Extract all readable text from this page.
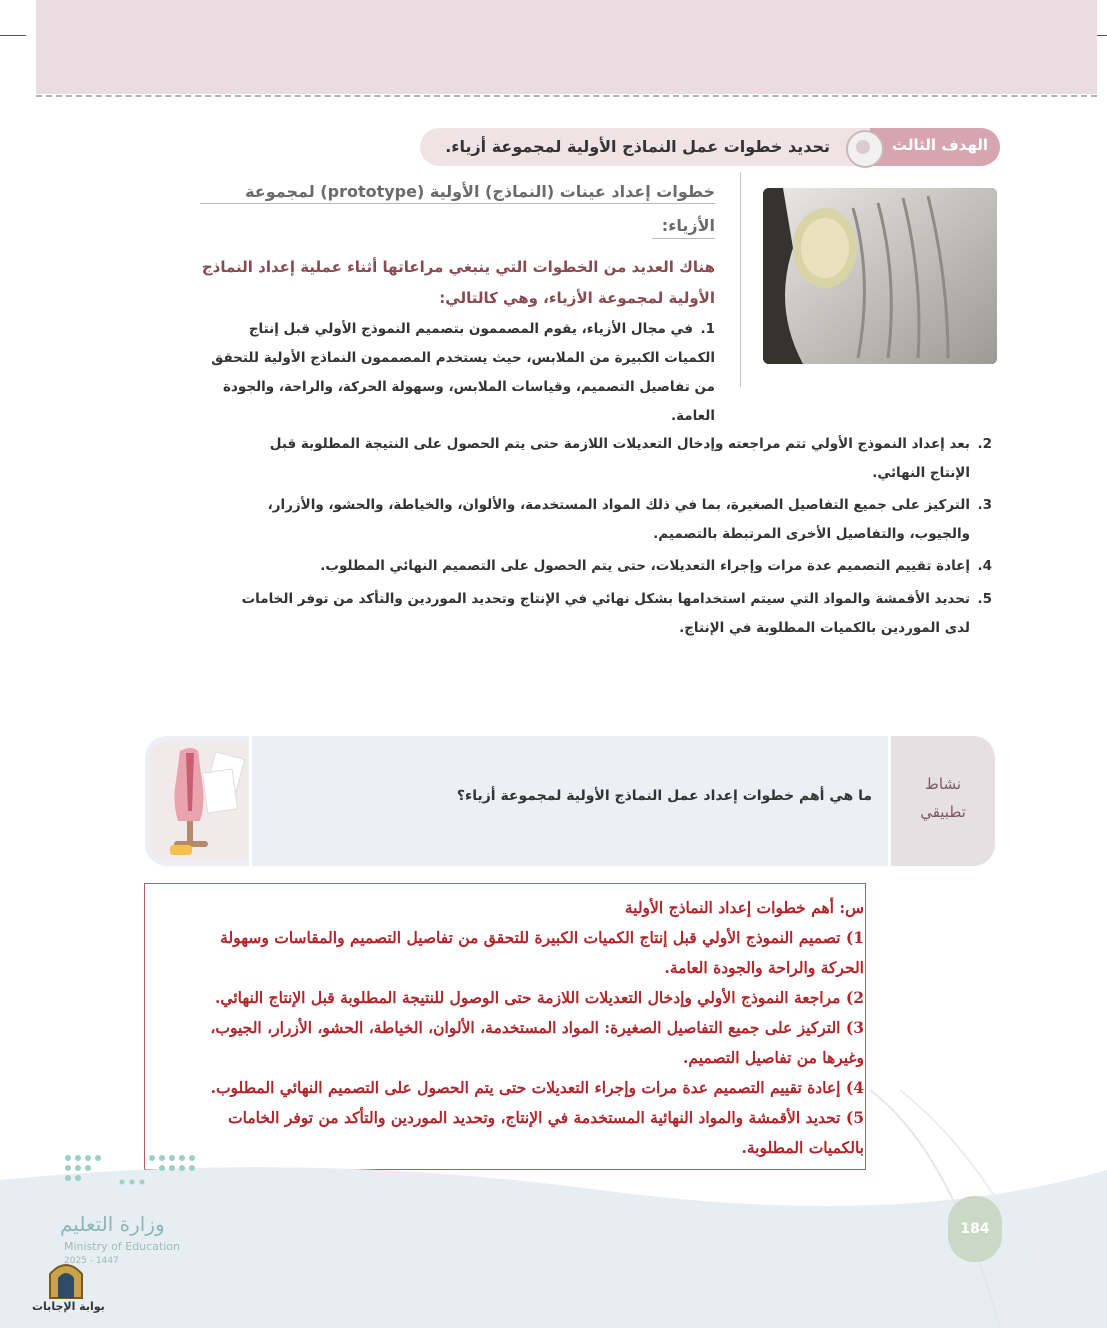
الهدف الثالث
تحديد خطوات عمل النماذج الأولية لمجموعة أزياء.
خطوات إعداد عينات (النماذج) الأولية (prototype) لمجموعة
الأزياء:
هناك العديد من الخطوات التي ينبغي مراعاتها أثناء عملية إعداد النماذج
الأولية لمجموعة الأزياء، وهي كالتالي:
1.
في مجال الأزياء، يقوم المصممون بتصميم النموذج الأولي قبل إنتاج
الكميات الكبيرة من الملابس، حيث يستخدم المصممون النماذج الأولية للتحقق
من تفاصيل التصميم، وقياسات الملابس، وسهولة الحركة، والراحة، والجودة
العامة.
2.
بعد إعداد النموذج الأولي تتم مراجعته وإدخال التعديلات اللازمة حتى يتم الحصول على النتيجة المطلوبة قبل
الإنتاج النهائي.
3.
التركيز على جميع التفاصيل الصغيرة، بما في ذلك المواد المستخدمة، والألوان، والخياطة، والحشو، والأزرار،
والجيوب، والتفاصيل الأخرى المرتبطة بالتصميم.
4.
إعادة تقييم التصميم عدة مرات وإجراء التعديلات، حتى يتم الحصول على التصميم النهائي المطلوب.
5.
تحديد الأقمشة والمواد التي سيتم استخدامها بشكل نهائي في الإنتاج وتحديد الموردين والتأكد من توفر الخامات
لدى الموردين بالكميات المطلوبة في الإنتاج.
نشاط
تطبيقي
ما هي أهم خطوات إعداد عمل النماذج الأولية لمجموعة أزياء؟
س: أهم خطوات إعداد النماذج الأولية
1) تصميم النموذج الأولي قبل إنتاج الكميات الكبيرة للتحقق من تفاصيل التصميم والمقاسات وسهولة
الحركة والراحة والجودة العامة.
2) مراجعة النموذج الأولي وإدخال التعديلات اللازمة حتى الوصول للنتيجة المطلوبة قبل الإنتاج النهائي.
3) التركيز على جميع التفاصيل الصغيرة: المواد المستخدمة، الألوان، الخياطة، الحشو، الأزرار، الجيوب،
وغيرها من تفاصيل التصميم.
4) إعادة تقييم التصميم عدة مرات وإجراء التعديلات حتى يتم الحصول على التصميم النهائي المطلوب.
5) تحديد الأقمشة والمواد النهائية المستخدمة في الإنتاج، وتحديد الموردين والتأكد من توفر الخامات
بالكميات المطلوبة.
وزارة التعليم
Ministry of Education
2025 - 1447
184
بوابة الإجابات
